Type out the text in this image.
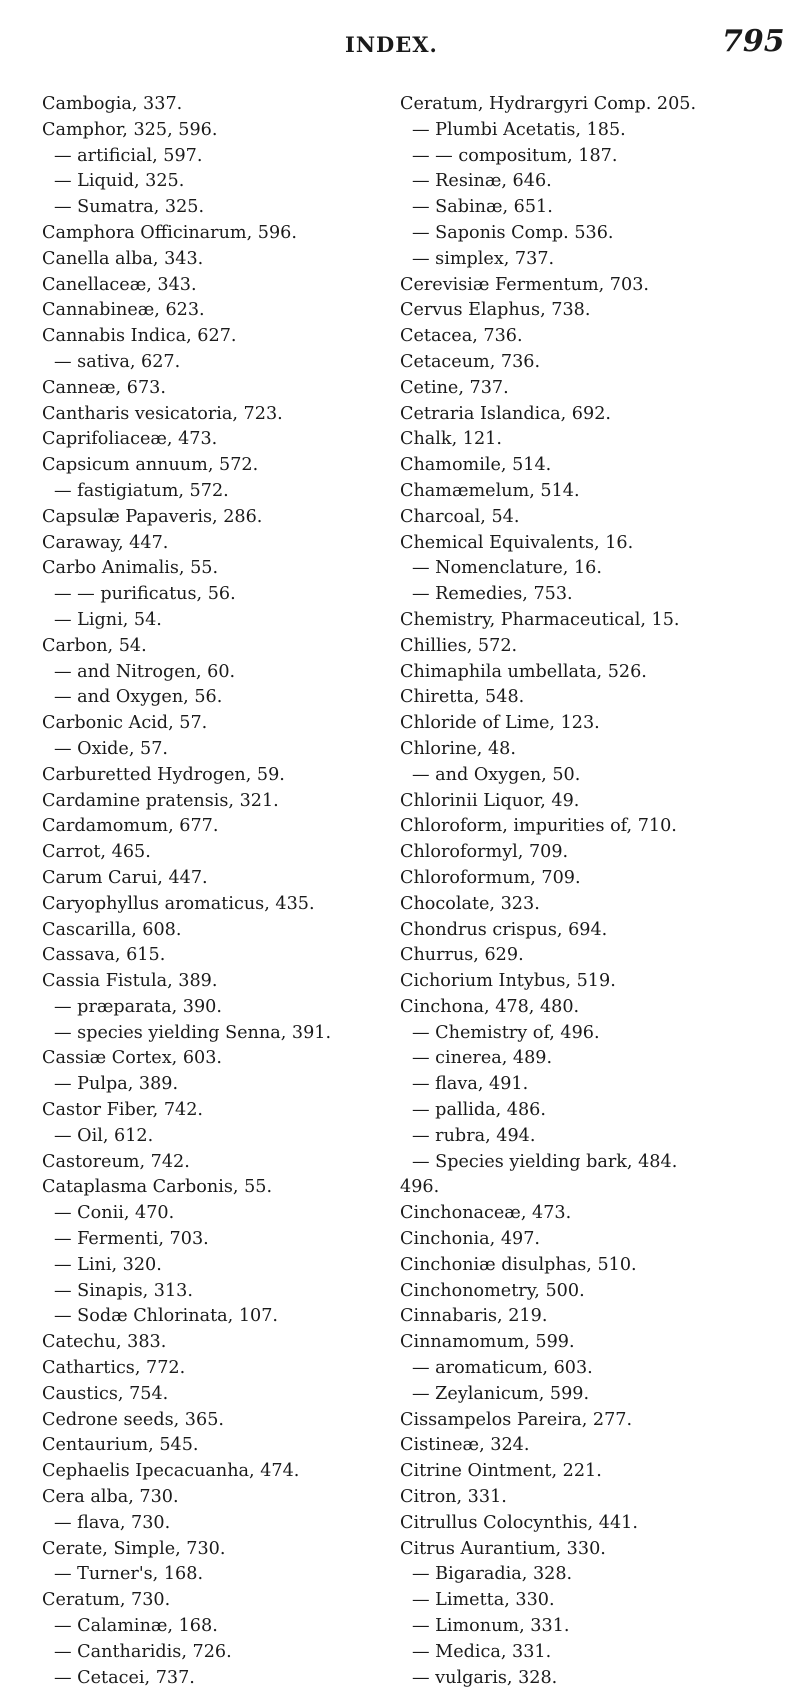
INDEX.	795
Cambogia, 337.
Camphor, 325, 596.
— artificial, 597.
— Liquid, 325.
— Sumatra, 325.
Camphora Officinarum, 596.
Canella alba, 343.
Canellaceæ, 343.
Cannabineæ, 623.
Cannabis Indica, 627.
— sativa, 627.
Canneæ, 673.
Cantharis vesicatoria, 723.
Caprifoliaceæ, 473.
Capsicum annuum, 572.
— fastigiatum, 572.
Capsulæ Papaveris, 286.
Caraway, 447.
Carbo Animalis, 55.
— — purificatus, 56.
— Ligni, 54.
Carbon, 54.
— and Nitrogen, 60.
— and Oxygen, 56.
Carbonic Acid, 57.
— Oxide, 57.
Carburetted Hydrogen, 59.
Cardamine pratensis, 321.
Cardamomum, 677.
Carrot, 465.
Carum Carui, 447.
Caryophyllus aromaticus, 435.
Cascarilla, 608.
Cassava, 615.
Cassia Fistula, 389.
— præparata, 390.
— species yielding Senna, 391.
Cassiæ Cortex, 603.
— Pulpa, 389.
Castor Fiber, 742.
— Oil, 612.
Castoreum, 742.
Cataplasma Carbonis, 55.
— Conii, 470.
— Fermenti, 703.
— Lini, 320.
— Sinapis, 313.
— Sodæ Chlorinata, 107.
Catechu, 383.
Cathartics, 772.
Caustics, 754.
Cedrone seeds, 365.
Centaurium, 545.
Cephaelis Ipecacuanha, 474.
Cera alba, 730.
— flava, 730.
Cerate, Simple, 730.
— Turner's, 168.
Ceratum, 730.
— Calaminæ, 168.
— Cantharidis, 726.
— Cetacei, 737.
Ceratum, Hydrargyri Comp. 205.
— Plumbi Acetatis, 185.
— — compositum, 187.
— Resinæ, 646.
— Sabinæ, 651.
— Saponis Comp. 536.
— simplex, 737.
Cerevisiæ Fermentum, 703.
Cervus Elaphus, 738.
Cetacea, 736.
Cetaceum, 736.
Cetine, 737.
Cetraria Islandica, 692.
Chalk, 121.
Chamomile, 514.
Chamæmelum, 514.
Charcoal, 54.
Chemical Equivalents, 16.
— Nomenclature, 16.
— Remedies, 753.
Chemistry, Pharmaceutical, 15.
Chillies, 572.
Chimaphila umbellata, 526.
Chiretta, 548.
Chloride of Lime, 123.
Chlorine, 48.
— and Oxygen, 50.
Chlorinii Liquor, 49.
Chloroform, impurities of, 710.
Chloroformyl, 709.
Chloroformum, 709.
Chocolate, 323.
Chondrus crispus, 694.
Churrus, 629.
Cichorium Intybus, 519.
Cinchona, 478, 480.
— Chemistry of, 496.
— cinerea, 489.
— flava, 491.
— pallida, 486.
— rubra, 494.
— Species yielding bark, 484.
496.
Cinchonaceæ, 473.
Cinchonia, 497.
Cinchoniæ disulphas, 510.
Cinchonometry, 500.
Cinnabaris, 219.
Cinnamomum, 599.
— aromaticum, 603.
— Zeylanicum, 599.
Cissampelos Pareira, 277.
Cistineæ, 324.
Citrine Ointment, 221.
Citron, 331.
Citrullus Colocynthis, 441.
Citrus Aurantium, 330.
— Bigaradia, 328.
— Limetta, 330.
— Limonum, 331.
— Medica, 331.
— vulgaris, 328.
